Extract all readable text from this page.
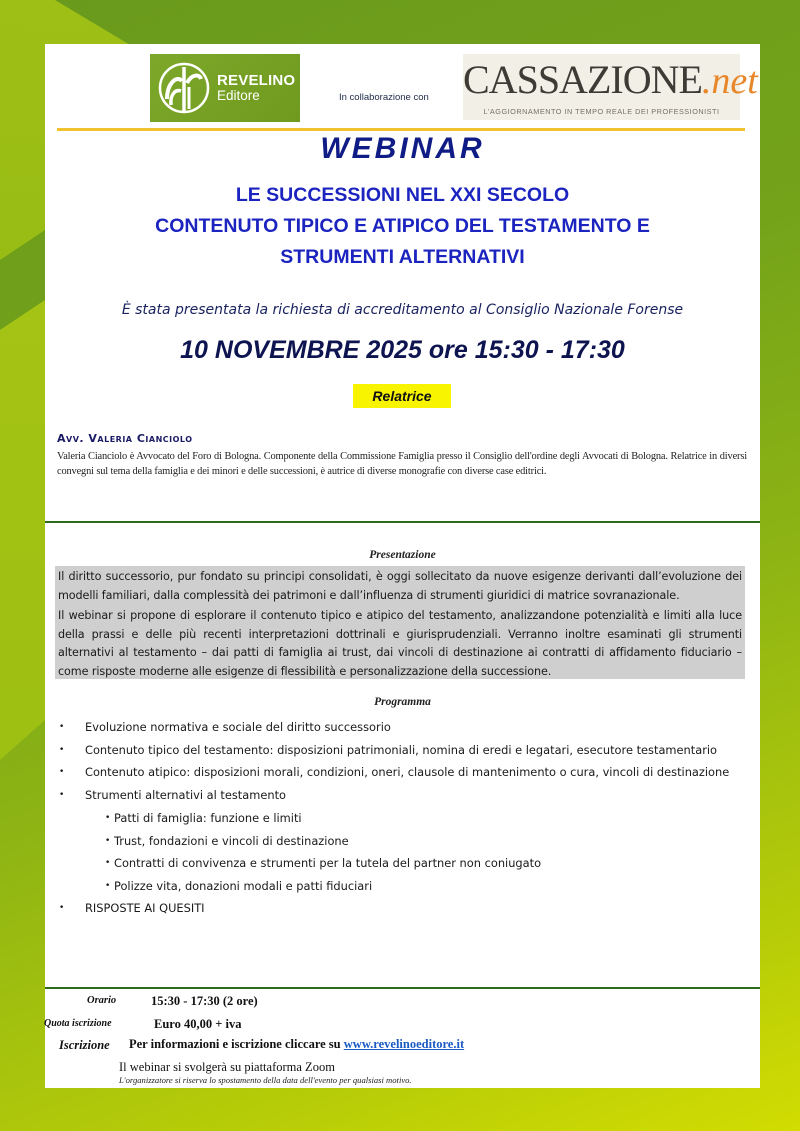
REVELINO
Editore	In collaborazione con CASSAZIONE.net
L'AGGIORNAMENTO IN TEMPO REALE DEI PROFESSIONISTI
WEBINAR
LE SUCCESSIONI NEL XXI SECOLO
CONTENUTO TIPICO E ATIPICO DEL TESTAMENTO E
STRUMENTI ALTERNATIVI
È stata presentata la richiesta di accreditamento al Consiglio Nazionale Forense
10 NOVEMBRE 2025 ore 15:30 - 17:30
Relatrice
Avv. Valeria Cianciolo
Valeria Cianciolo è Avvocato del Foro di Bologna. Componente della Commissione Famiglia presso il Consiglio dell'ordine degli Avvocati di Bologna. Relatrice in diversi convegni sul tema della famiglia e dei minori e delle successioni, è autrice di diverse monografie con diverse case editrici.
Presentazione

Il diritto successorio, pur fondato su principi consolidati, è oggi sollecitato da nuove esigenze derivanti dall’evoluzione dei modelli familiari, dalla complessità dei patrimoni e dall’influenza di strumenti giuridici di matrice sovranazionale.

Il webinar si propone di esplorare il contenuto tipico e atipico del testamento, analizzandone potenzialità e limiti alla luce della prassi e delle più recenti interpretazioni dottrinali e giurisprudenziali. Verranno inoltre esaminati gli strumenti alternativi al testamento – dai patti di famiglia ai trust, dai vincoli di destinazione ai contratti di affidamento fiduciario – come risposte moderne alle esigenze di flessibilità e personalizzazione della successione.

Programma
• Evoluzione normativa e sociale del diritto successorio
• Contenuto tipico del testamento: disposizioni patrimoniali, nomina di eredi e legatari, esecutore testamentario
• Contenuto atipico: disposizioni morali, condizioni, oneri, clausole di mantenimento o cura, vincoli di destinazione
• Strumenti alternativi al testamento
• Patti di famiglia: funzione e limiti
• Trust, fondazioni e vincoli di destinazione
• Contratti di convivenza e strumenti per la tutela del partner non coniugato
• Polizze vita, donazioni modali e patti fiduciari
• RISPOSTE AI QUESITI
Orario	15:30 - 17:30 (2 ore)
Quota iscrizione	Euro 40,00 + iva
Iscrizione Per informazioni e iscrizione cliccare su www.revelinoeditore.it
Il webinar si svolgerà su piattaforma Zoom
L'organizzatore si riserva lo spostamento della data dell'evento per qualsiasi motivo.
